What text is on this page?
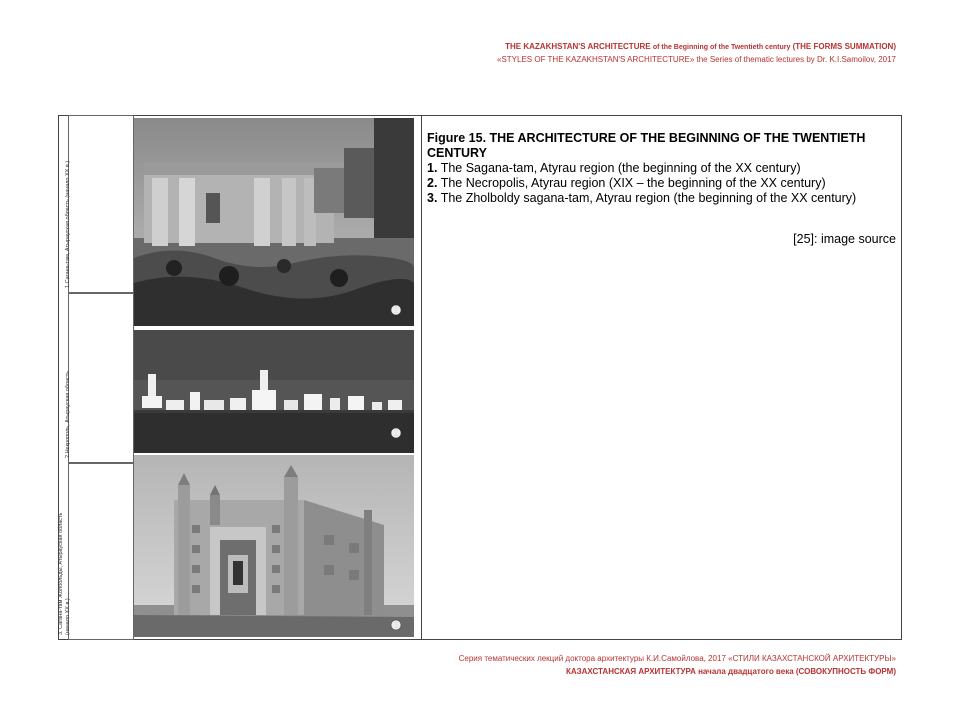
THE KAZAKHSTAN'S ARCHITECTURE of the Beginning of the Twentieth century (THE FORMS SUMMATION)
«STYLES OF THE KAZAKHSTAN'S ARCHITECTURE» the Series of thematic lectures by Dr. K.I.Samoilov, 2017
1.Сагана-там, Атырауская область (начало XX в.)
2.Некрополь, Атырауская область
3. Сагана-там Жолбольды, Атырауская область (начало XX в.)
1
2
3
Figure 15. THE ARCHITECTURE OF THE BEGINNING OF THE TWENTIETH CENTURY
1. The Sagana-tam, Atyrau region (the beginning of the XX century)
2. The Necropolis, Atyrau region (XIX – the beginning of the XX century)
3. The Zholboldy sagana-tam, Atyrau region (the beginning of the XX century)
[25]: image source
Серия тематических лекций доктора архитектуры К.И.Самойлова, 2017 «СТИЛИ КАЗАХСТАНСКОЙ АРХИТЕКТУРЫ»
КАЗАХСТАНСКАЯ АРХИТЕКТУРА начала двадцатого века (СОВОКУПНОСТЬ ФОРМ)
